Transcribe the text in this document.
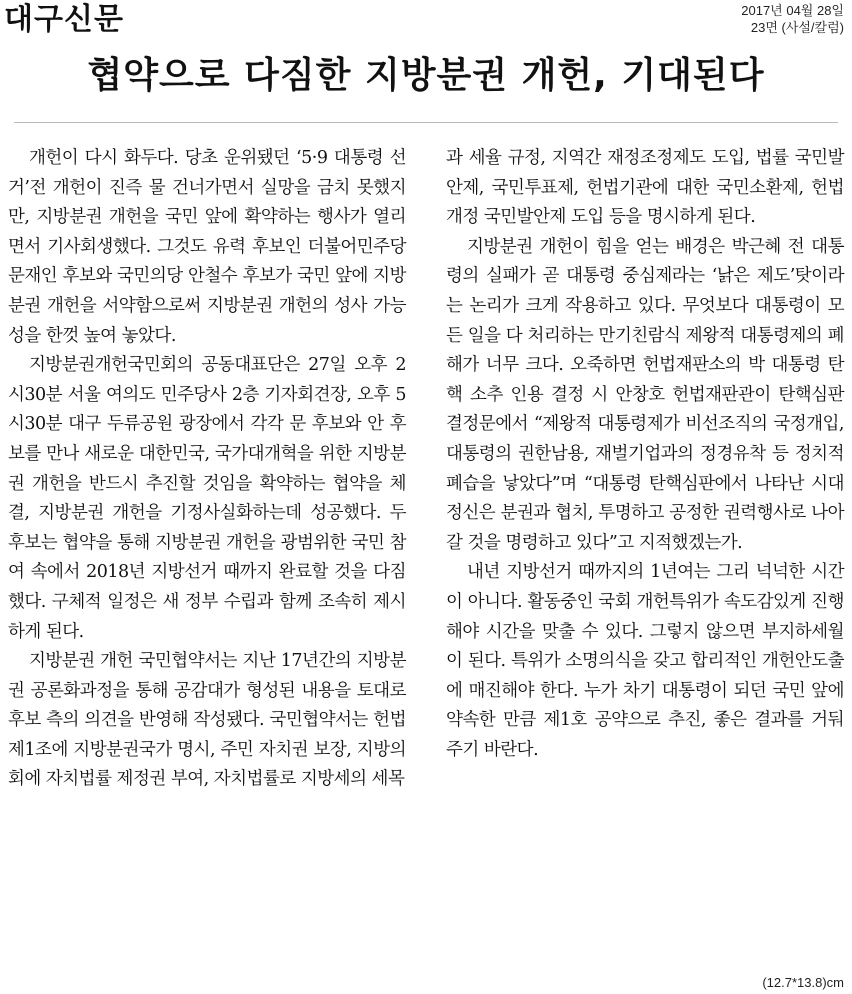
대구신문	2017년 04월 28일
23면 (사설/칼럼)
협약으로 다짐한 지방분권 개헌, 기대된다

개헌이 다시 화두다. 당초 운위됐던 ‘5·9 대통령 선거’전 개헌이 진즉 물 건너가면서 실망을 금치 못했지만, 지방분권 개헌을 국민 앞에 확약하는 행사가 열리면서 기사회생했다. 그것도 유력 후보인 더불어민주당 문재인 후보와 국민의당 안철수 후보가 국민 앞에 지방분권 개헌을 서약함으로써 지방분권 개헌의 성사 가능성을 한껏 높여 놓았다.

지방분권개헌국민회의 공동대표단은 27일 오후 2시30분 서울 여의도 민주당사 2층 기자회견장, 오후 5시30분 대구 두류공원 광장에서 각각 문 후보와 안 후보를 만나 새로운 대한민국, 국가대개혁을 위한 지방분권 개헌을 반드시 추진할 것임을 확약하는 협약을 체결, 지방분권 개헌을 기정사실화하는데 성공했다. 두 후보는 협약을 통해 지방분권 개헌을 광범위한 국민 참여 속에서 2018년 지방선거 때까지 완료할 것을 다짐했다. 구체적 일정은 새 정부 수립과 함께 조속히 제시하게 된다.

지방분권 개헌 국민협약서는 지난 17년간의 지방분권 공론화과정을 통해 공감대가 형성된 내용을 토대로 후보 측의 의견을 반영해 작성됐다. 국민협약서는 헌법 제1조에 지방분권국가 명시, 주민 자치권 보장, 지방의회에 자치법률 제정권 부여, 자치법률로 지방세의 세목

과 세율 규정, 지역간 재정조정제도 도입, 법률 국민발안제, 국민투표제, 헌법기관에 대한 국민소환제, 헌법개정 국민발안제 도입 등을 명시하게 된다.

지방분권 개헌이 힘을 얻는 배경은 박근혜 전 대통령의 실패가 곧 대통령 중심제라는 ‘낡은 제도’탓이라는 논리가 크게 작용하고 있다. 무엇보다 대통령이 모든 일을 다 처리하는 만기친람식 제왕적 대통령제의 폐해가 너무 크다. 오죽하면 헌법재판소의 박 대통령 탄핵 소추 인용 결정 시 안창호 헌법재판관이 탄핵심판 결정문에서 “제왕적 대통령제가 비선조직의 국정개입, 대통령의 권한남용, 재벌기업과의 정경유착 등 정치적 폐습을 낳았다”며 “대통령 탄핵심판에서 나타난 시대정신은 분권과 협치, 투명하고 공정한 권력행사로 나아갈 것을 명령하고 있다”고 지적했겠는가.

내년 지방선거 때까지의 1년여는 그리 넉넉한 시간이 아니다. 활동중인 국회 개헌특위가 속도감있게 진행해야 시간을 맞출 수 있다. 그렇지 않으면 부지하세월이 된다. 특위가 소명의식을 갖고 합리적인 개헌안도출에 매진해야 한다. 누가 차기 대통령이 되던 국민 앞에 약속한 만큼 제1호 공약으로 추진, 좋은 결과를 거둬 주기 바란다.

(12.7*13.8)cm
